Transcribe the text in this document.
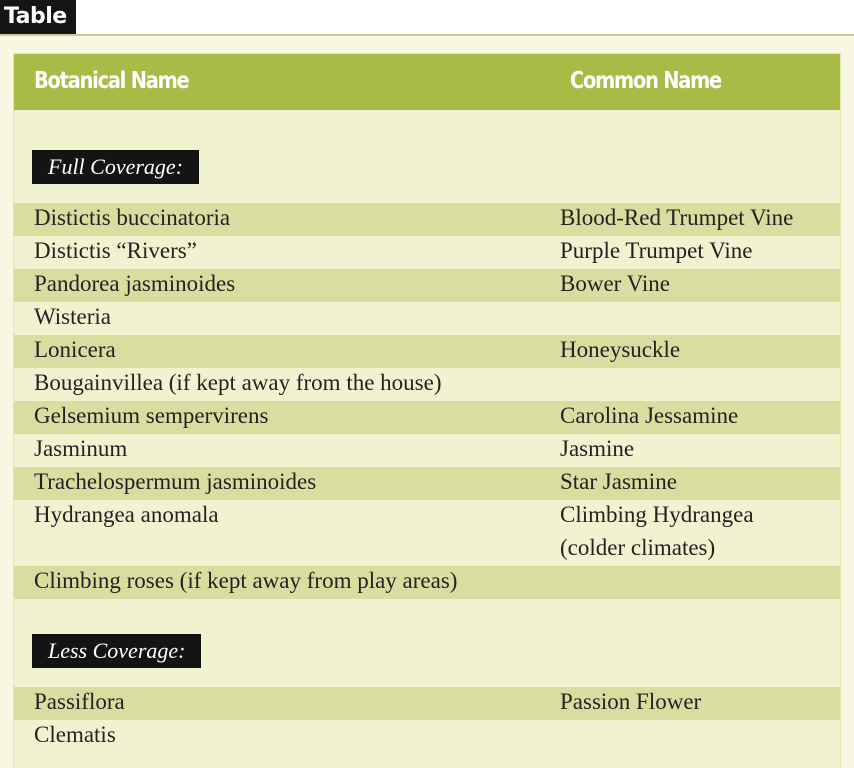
Table
Botanical Name	Common Name
Full Coverage:
Distictis buccinatoria	Blood-Red Trumpet Vine
Distictis “Rivers”	Purple Trumpet Vine
Pandorea jasminoides	Bower Vine
Wisteria
Lonicera	Honeysuckle
Bougainvillea (if kept away from the house)
Gelsemium sempervirens	Carolina Jessamine
Jasminum	Jasmine
Trachelospermum jasminoides	Star Jasmine
Hydrangea anomala	Climbing Hydrangea
(colder climates)
Climbing roses (if kept away from play areas)
Less Coverage:
Passiflora	Passion Flower
Clematis
